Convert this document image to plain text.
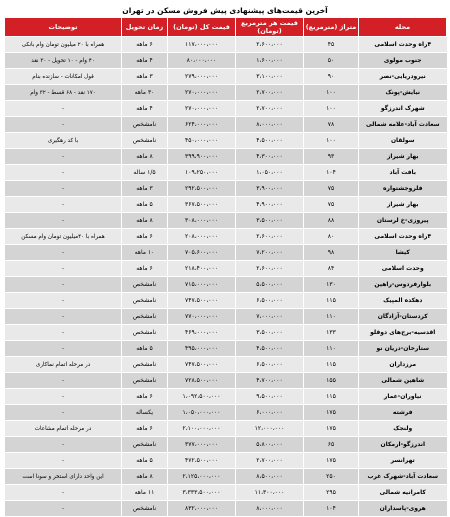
آخرین قیمت‌های پیشنهادی پیش فروش مسکن در تهران
محله	متراژ (مترمربع)	قیمت هر مترمربع (تومان)	قیمت کل (تومان)	زمان تحویل	توضیحات
۴راه وحدت اسلامی	۴۵	۲،۶۰۰،۰۰۰	۱۱۷،۰۰۰،۰۰۰	۶ ماهه	همراه با ۲۰ میلیون تومان وام بانکی
جنوب مولوی	۵۰	۱،۶۰۰،۰۰۰	۸۰،۰۰۰،۰۰۰	۴ ماهه	۴۰ وام - ۱۰ تحویل - ۳۰ نقد
نیرودریایی-نصر	۹۰	۳،۱۰۰،۰۰۰	۲۷۹،۰۰۰،۰۰۰	۳ ماهه	قول امکانات - سازنده بنام
نیایش-پونک	۱۰۰	۲،۷۰۰،۰۰۰	۲۷۰،۰۰۰،۰۰۰	۳۰ ماهه	۱۷۰ نقد - ۶۸ قسط - ۳۲ وام
شهرک اندرزگو	۱۰۰	۲،۷۰۰،۰۰۰	۲۷۰،۰۰۰،۰۰۰	۴ ماهه	-
سعادت آباد-علامه شمالی	۷۸	۸،۰۰۰،۰۰۰	۶۲۴،۰۰۰،۰۰۰	نامشخص	-
سولقان	۱۰۰	۴،۵۰۰،۰۰۰	۴۵۰،۰۰۰،۰۰۰	نامشخص	با کد رهگیری
بهار شیراز	۹۳	۴،۳۰۰،۰۰۰	۳۹۹،۹۰۰،۰۰۰	۸ ماهه	-
بافت آباد	۱۰۴	۱،۰۵۰،۰۰۰	۱۰۹،۲۵۰،۰۰۰	۱/۵ ساله	-
فلروجشتواره	۷۵	۳،۹۰۰،۰۰۰	۲۹۲،۵۰۰،۰۰۰	۳ ماهه	-
بهار شیراز	۷۵	۴،۹۰۰،۰۰۰	۳۶۷،۵۰۰،۰۰۰	۵ ماهه	-
پیروزی-خ لرستان	۸۸	۳،۵۰۰،۰۰۰	۳۰۸،۰۰۰،۰۰۰	۸ ماهه	-
۴راه وحدت اسلامی	۸۰	۲،۶۰۰،۰۰۰	۲۰۸،۰۰۰،۰۰۰	۶ ماهه	همراه با ۴۰میلیون تومان وام مسکن
کیشا	۹۸	۷،۲۰۰،۰۰۰	۷۰۵،۶۰۰،۰۰۰	۱۰ ماهه	-
وحدت اسلامی	۸۴	۲،۶۰۰،۰۰۰	۲۱۸،۴۰۰،۰۰۰	۶ ماهه	-
بلوارفردوس-راهین	۱۳۰	۵،۵۰۰،۰۰۰	۷۱۵،۰۰۰،۰۰۰	نامشخص	-
دهکده المپیک	۱۱۵	۶،۵۰۰،۰۰۰	۷۴۷،۵۰۰،۰۰۰	نامشخص	-
کردستان-آزادگان	۱۱۰	۷،۰۰۰،۰۰۰	۷۷۰،۰۰۰،۰۰۰	نامشخص	-
اقدسیه-برج‌های دوقلو	۱۳۳	۳،۵۰۰،۰۰۰	۴۶۹،۰۰۰،۰۰۰	نامشخص	-
ستارخان-دریان نو	۱۱۰	۴،۵۰۰،۰۰۰	۴۹۵،۰۰۰،۰۰۰	۵ ماهه	-
مرزداران	۱۱۵	۶،۵۰۰،۰۰۰	۷۴۷،۵۰۰،۰۰۰	نامشخص	در مرحله اتمام نماکاری
شاهین شمالی	۱۵۵	۴،۷۰۰،۰۰۰	۷۲۸،۵۰۰،۰۰۰	نامشخص	-
نیاوران-عمار	۱۱۵	۹،۵۰۰،۰۰۰	۱،۰۹۲،۵۰۰،۰۰۰	۶ ماهه	-
فرشته	۱۷۵	۶،۰۰۰،۰۰۰	۱،۰۵۰،۰۰۰،۰۰۰	یکساله	-
ولنجک	۱۷۵	۱۲،۰۰۰،۰۰۰	۲،۱۰۰،۰۰۰،۰۰۰	۶ ماهه	در مرحله اتمام مشاعات
اندرزگو-ارمکان	۶۵	۵،۸۰۰،۰۰۰	۳۷۷،۰۰۰،۰۰۰	نامشخص	-
تهرانسر	۱۷۵	۲،۷۰۰،۰۰۰	۴۷۲،۵۰۰،۰۰۰	۵ ماهه	-
سعادت آباد-شهرک غرب	۲۵۰	۸،۵۰۰،۰۰۰	۲،۱۲۵،۰۰۰،۰۰۰	۸ ماهه	این واحد دارای استخر و سونا است
کامرانیه شمالی	۲۹۵	۱۱،۳۰۰،۰۰۰	۳،۳۳۳،۵۰۰،۰۰۰	۱۱ ماهه	-
هروی-پاسداران	۱۰۴	۸،۰۰۰،۰۰۰	۸۳۲،۰۰۰،۰۰۰	نامشخص	-
